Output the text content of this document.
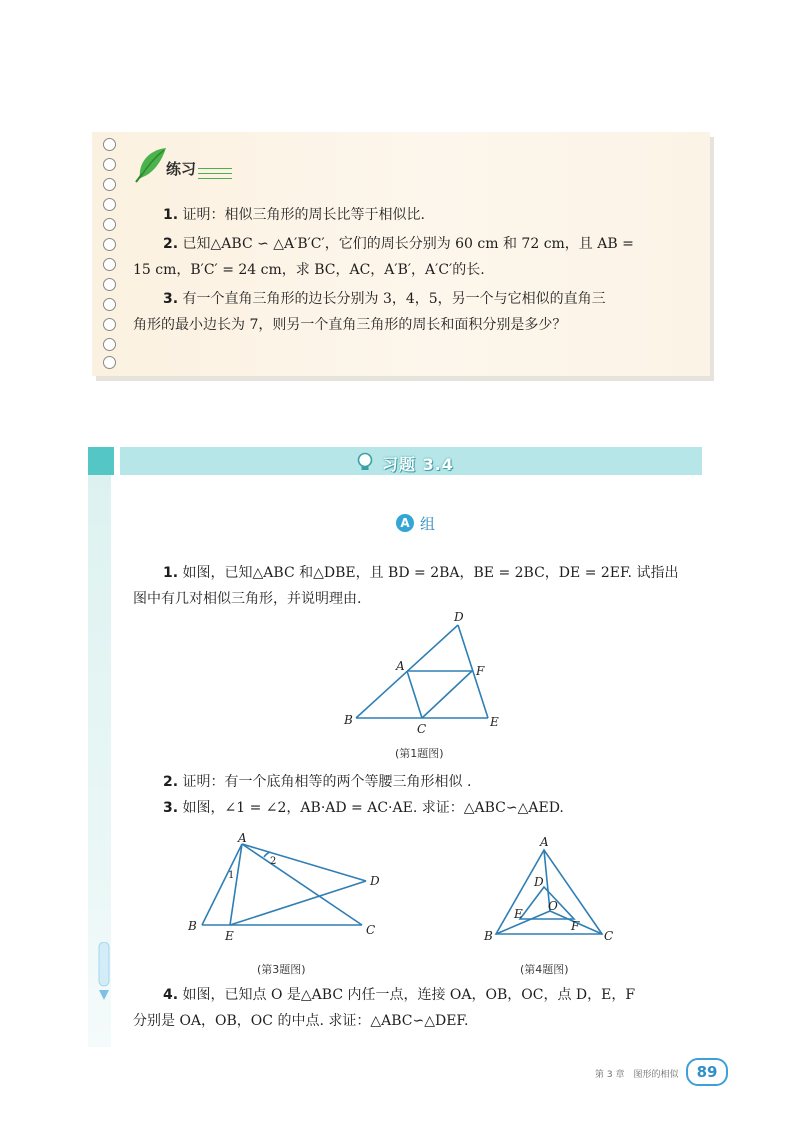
练习
1. 证明：相似三角形的周长比等于相似比.
2. 已知△ABC ∽ △A′B′C′，它们的周长分别为 60 cm 和 72 cm，且 AB =
15 cm，B′C′ = 24 cm，求 BC，AC，A′B′，A′C′的长.
3. 有一个直角三角形的边长分别为 3，4，5，另一个与它相似的直角三
角形的最小边长为 7，则另一个直角三角形的周长和面积分别是多少？
习题 3.4
A 组
1. 如图，已知△ABC 和△DBE，且 BD = 2BA，BE = 2BC，DE = 2EF. 试指出
图中有几对相似三角形，并说明理由.
D
A	F
B
C	E
(第1题图)
2. 证明：有一个底角相等的两个等腰三角形相似 .
3. 如图，∠1 = ∠2，AB·AD = AC·AE. 求证：△ABC∽△AED.
A
1
2
D
B
E	C
A
D
E
O
F
B	C
(第3题图)	(第4题图)
4. 如图，已知点 O 是△ABC 内任一点，连接 OA，OB，OC，点 D，E，F
分别是 OA，OB，OC 的中点. 求证：△ABC∽△DEF.
第 3 章　图形的相似	89
